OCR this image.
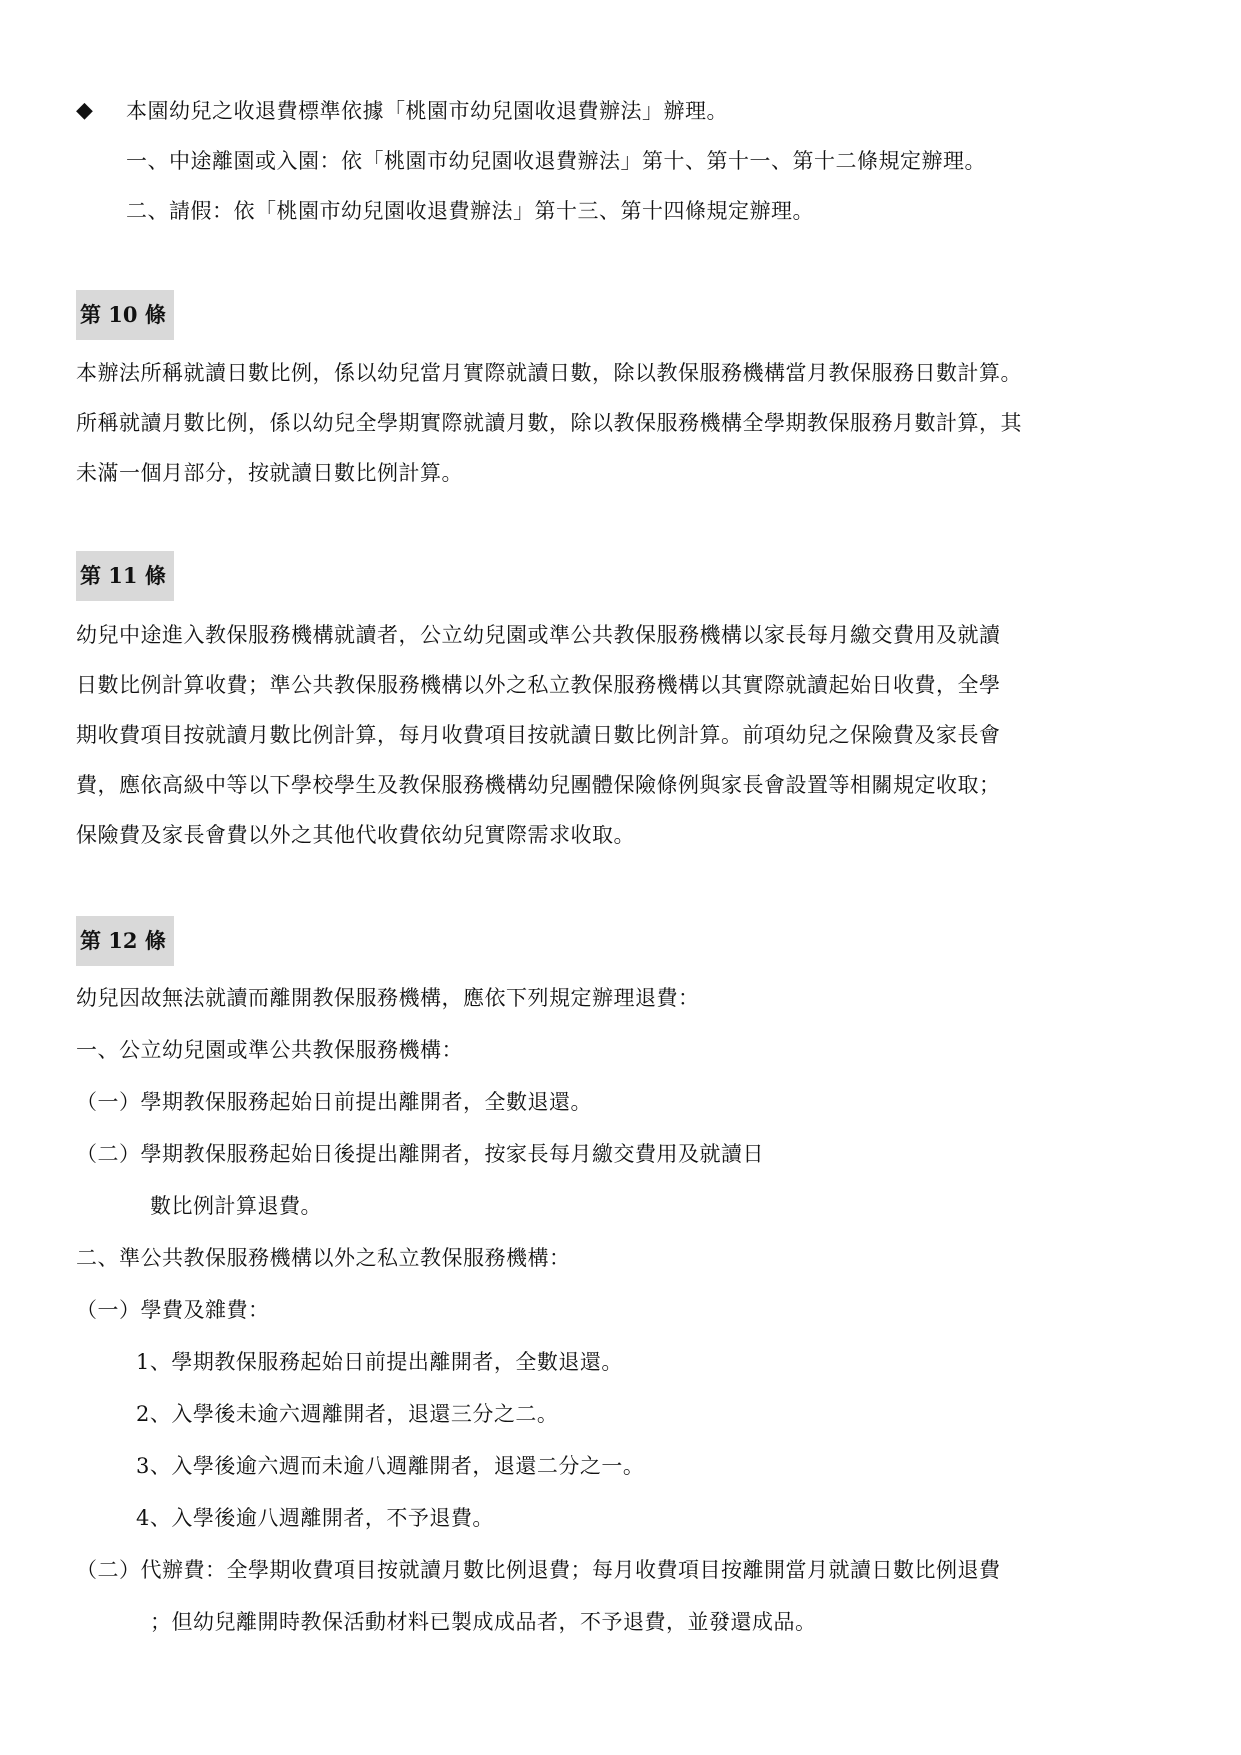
◆ 本園幼兒之收退費標準依據「桃園市幼兒園收退費辦法」辦理。
一、中途離園或入園：依「桃園市幼兒園收退費辦法」第十、第十一、第十二條規定辦理。
二、請假：依「桃園市幼兒園收退費辦法」第十三、第十四條規定辦理。
第 10 條
本辦法所稱就讀日數比例，係以幼兒當月實際就讀日數，除以教保服務機構當月教保服務日數計算。
所稱就讀月數比例，係以幼兒全學期實際就讀月數，除以教保服務機構全學期教保服務月數計算，其
未滿一個月部分，按就讀日數比例計算。
第 11 條
幼兒中途進入教保服務機構就讀者，公立幼兒園或準公共教保服務機構以家長每月繳交費用及就讀
日數比例計算收費；準公共教保服務機構以外之私立教保服務機構以其實際就讀起始日收費，全學
期收費項目按就讀月數比例計算，每月收費項目按就讀日數比例計算。前項幼兒之保險費及家長會
費，應依高級中等以下學校學生及教保服務機構幼兒團體保險條例與家長會設置等相關規定收取；
保險費及家長會費以外之其他代收費依幼兒實際需求收取。
第 12 條
幼兒因故無法就讀而離開教保服務機構，應依下列規定辦理退費：
一、公立幼兒園或準公共教保服務機構：
（一）學期教保服務起始日前提出離開者，全數退還。
（二）學期教保服務起始日後提出離開者，按家長每月繳交費用及就讀日
數比例計算退費。
二、準公共教保服務機構以外之私立教保服務機構：
（一）學費及雜費：
1、學期教保服務起始日前提出離開者，全數退還。
2、入學後未逾六週離開者，退還三分之二。
3、入學後逾六週而未逾八週離開者，退還二分之一。
4、入學後逾八週離開者，不予退費。
（二）代辦費：全學期收費項目按就讀月數比例退費；每月收費項目按離開當月就讀日數比例退費
；但幼兒離開時教保活動材料已製成成品者，不予退費，並發還成品。
